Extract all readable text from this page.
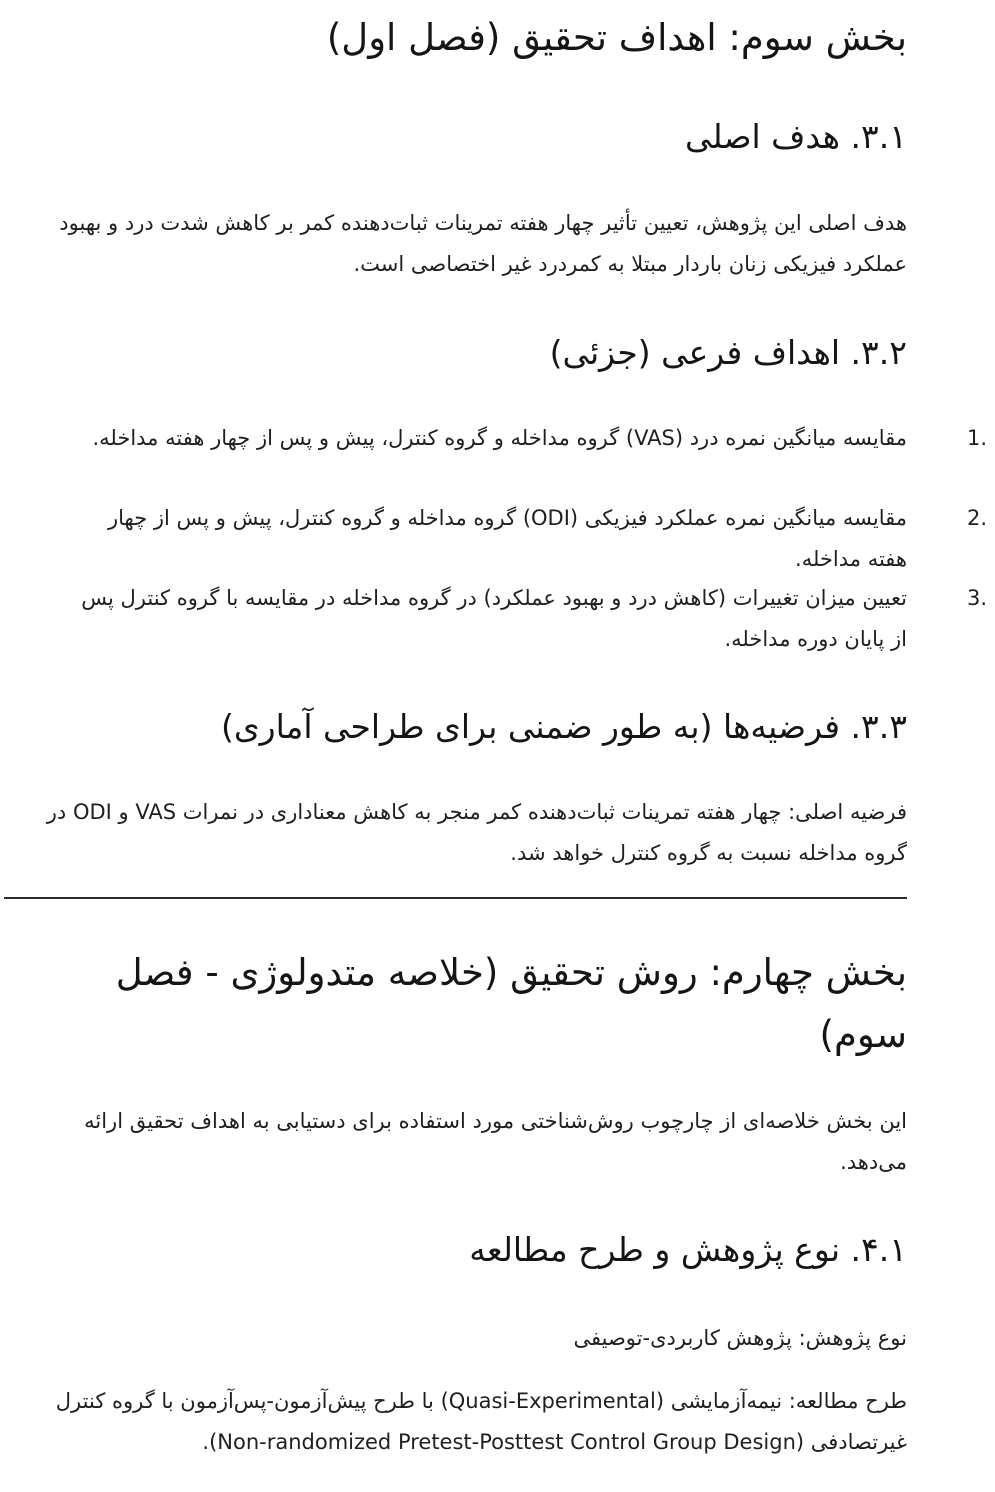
بخش سوم: اهداف تحقیق (فصل اول)
۳.۱. هدف اصلی

هدف اصلی این پژوهش، تعیین تأثیر چهار هفته تمرینات ثبات‌دهنده کمر بر کاهش شدت درد و بهبود عملکرد فیزیکی زنان باردار مبتلا به کمردرد غیر اختصاصی است.

۳.۲. اهداف فرعی (جزئی)
1.
مقایسه میانگین نمره درد (VAS) گروه مداخله و گروه کنترل، پیش و پس از چهار هفته مداخله.
2.
مقایسه میانگین نمره عملکرد فیزیکی (ODI) گروه مداخله و گروه کنترل، پیش و پس از چهار هفته مداخله.
3.
تعیین میزان تغییرات (کاهش درد و بهبود عملکرد) در گروه مداخله در مقایسه با گروه کنترل پس از پایان دوره مداخله.
۳.۳. فرضیه‌ها (به طور ضمنی برای طراحی آماری)

فرضیه اصلی: چهار هفته تمرینات ثبات‌دهنده کمر منجر به کاهش معناداری در نمرات VAS و ODI در گروه مداخله نسبت به گروه کنترل خواهد شد.

بخش چهارم: روش تحقیق (خلاصه متدولوژی - فصل سوم)

این بخش خلاصه‌ای از چارچوب روش‌شناختی مورد استفاده برای دستیابی به اهداف تحقیق ارائه می‌دهد.

۴.۱. نوع پژوهش و طرح مطالعه

نوع پژوهش: پژوهش کاربردی-توصیفی

طرح مطالعه: نیمه‌آزمایشی (Quasi-Experimental) با طرح پیش‌آزمون-پس‌آزمون با گروه کنترل غیرتصادفی (Non-randomized Pretest-Posttest Control Group Design).
